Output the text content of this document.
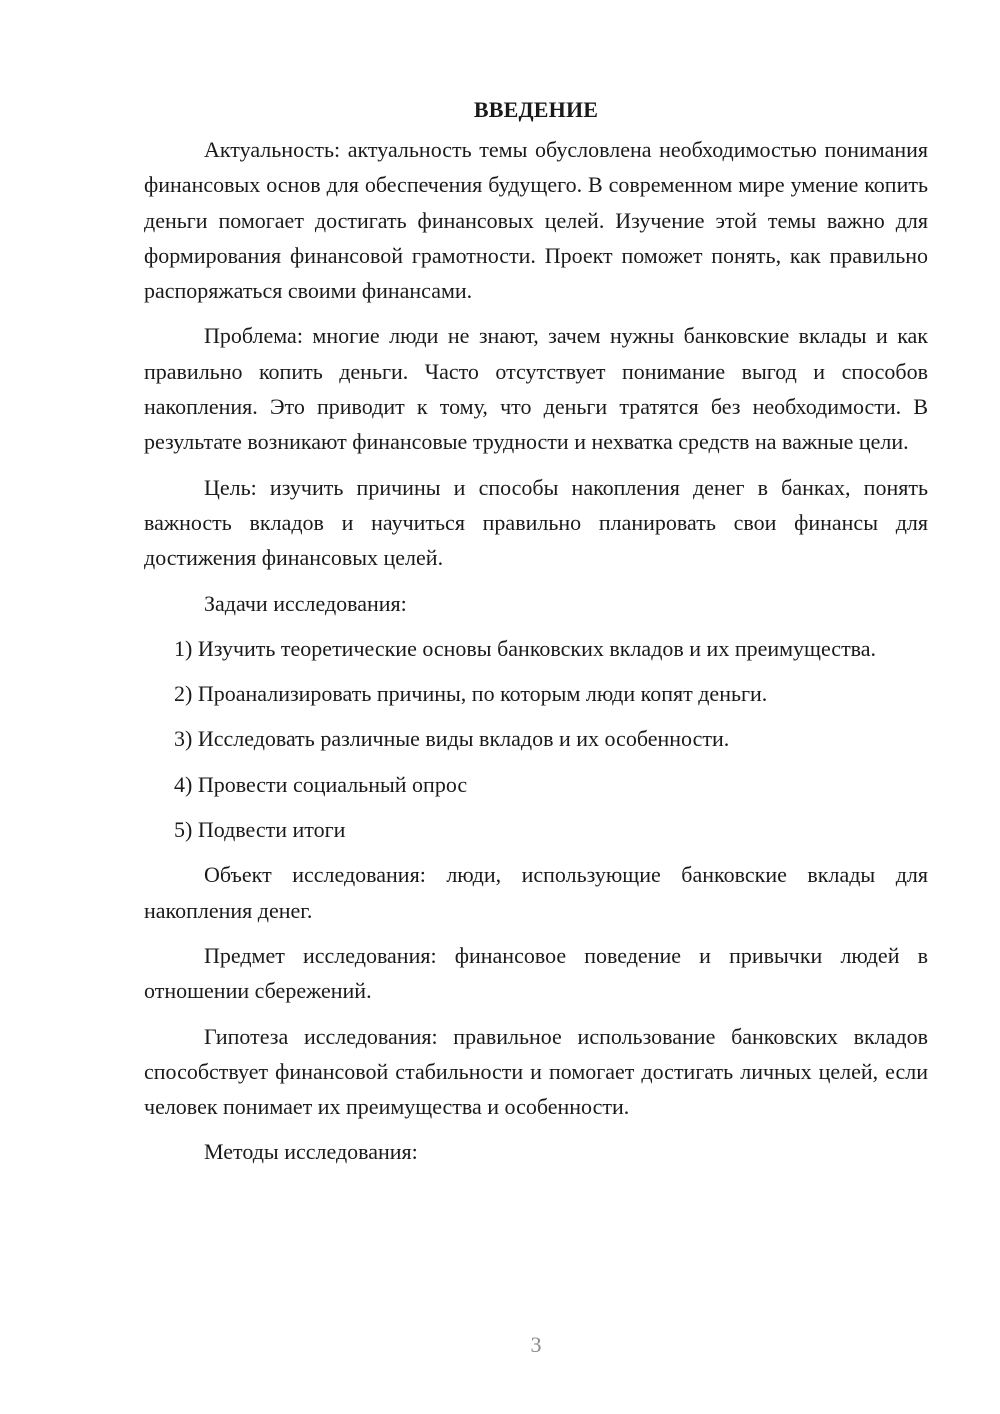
ВВЕДЕНИЕ

Актуальность: актуальность темы обусловлена необходимостью понимания финансовых основ для обеспечения будущего. В современном мире умение копить деньги помогает достигать финансовых целей. Изучение этой темы важно для формирования финансовой грамотности. Проект поможет понять, как правильно распоряжаться своими финансами.

Проблема: многие люди не знают, зачем нужны банковские вклады и как правильно копить деньги. Часто отсутствует понимание выгод и способов накопления. Это приводит к тому, что деньги тратятся без необходимости. В результате возникают финансовые трудности и нехватка средств на важные цели.

Цель: изучить причины и способы накопления денег в банках, понять важность вкладов и научиться правильно планировать свои финансы для достижения финансовых целей.

Задачи исследования:

1) Изучить теоретические основы банковских вкладов и их преимущества.

2) Проанализировать причины, по которым люди копят деньги.

3) Исследовать различные виды вкладов и их особенности.

4) Провести социальный опрос

5) Подвести итоги

Объект исследования: люди, использующие банковские вклады для накопления денег.

Предмет исследования: финансовое поведение и привычки людей в отношении сбережений.

Гипотеза исследования: правильное использование банковских вкладов способствует финансовой стабильности и помогает достигать личных целей, если человек понимает их преимущества и особенности.

Методы исследования:

3
